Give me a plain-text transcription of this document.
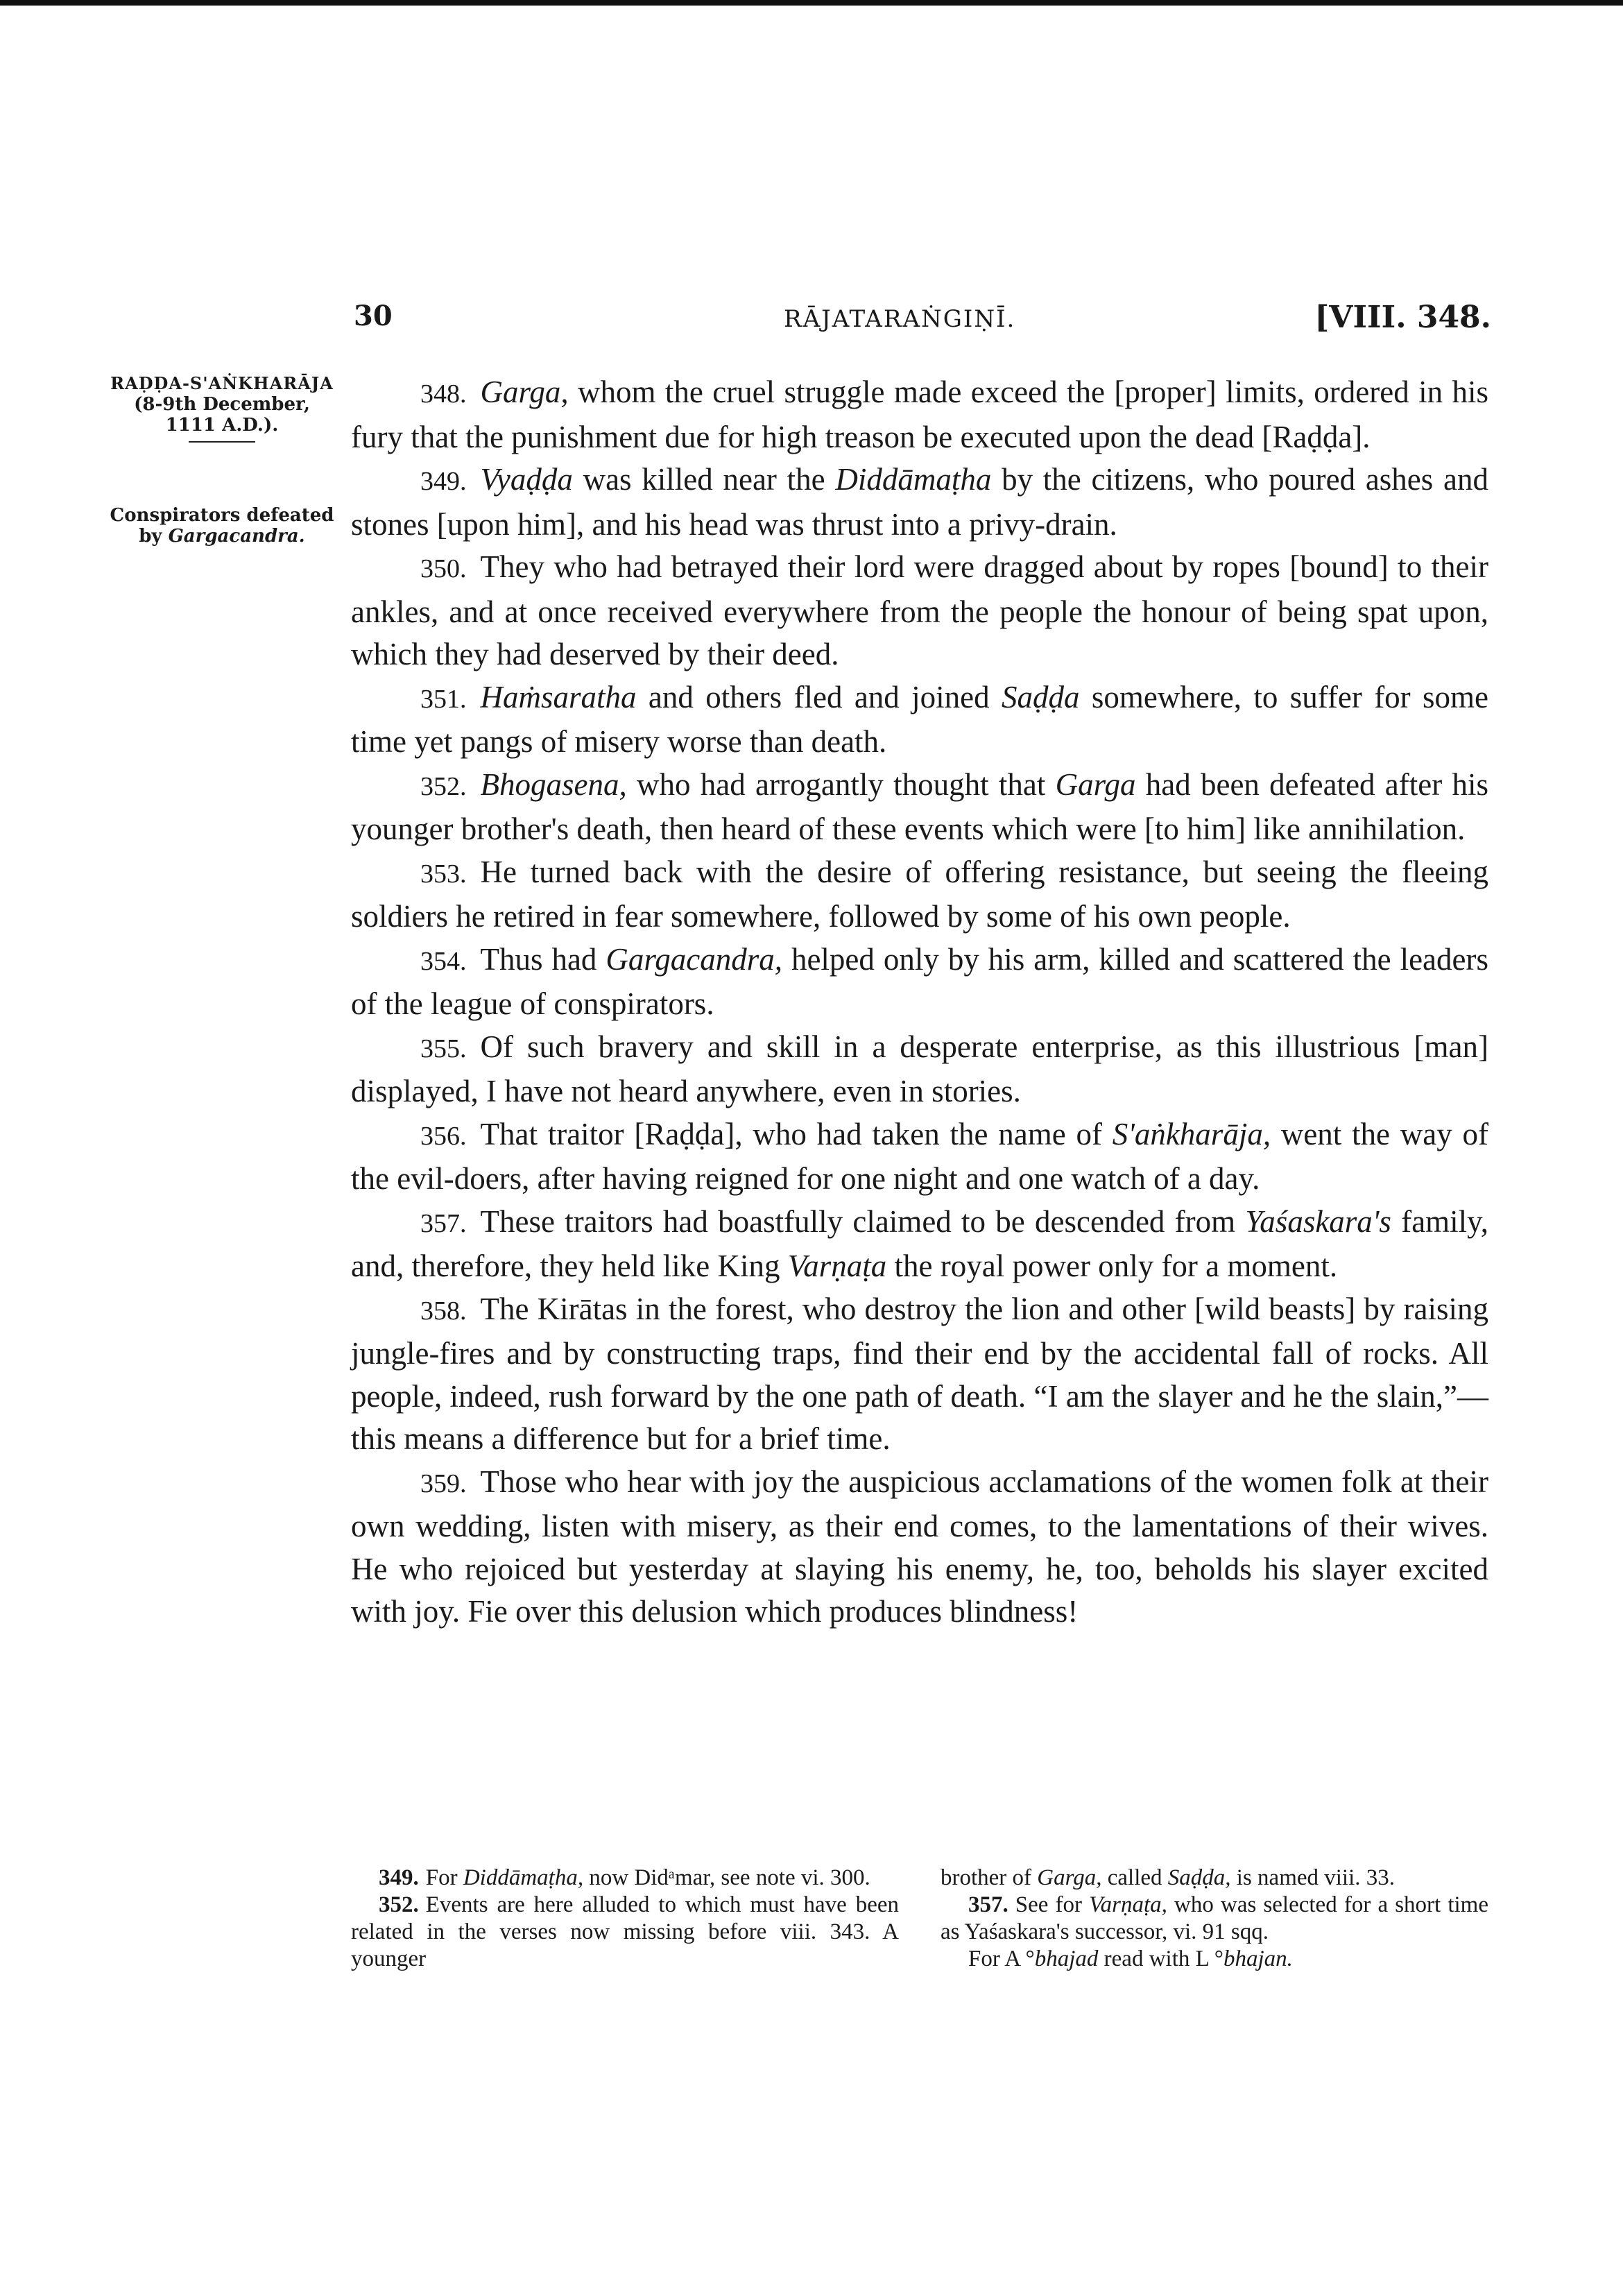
30	RĀJATARAṄGIṆĪ.	[VIII. 348.
RAḌḌA-S'AṄKHARĀJA
(8-9th December,
1111 A.D.).
Conspirators defeated
by Gargacandra.

348. Garga, whom the cruel struggle made exceed the [proper] limits, ordered in his fury that the punishment due for high treason be executed upon the dead [Raḍḍa].

349. Vyaḍḍa was killed near the Diddāmaṭha by the citizens, who poured ashes and stones [upon him], and his head was thrust into a privy-drain.

350. They who had betrayed their lord were dragged about by ropes [bound] to their ankles, and at once received everywhere from the people the honour of being spat upon, which they had deserved by their deed.

351. Haṁsaratha and others fled and joined Saḍḍa somewhere, to suffer for some time yet pangs of misery worse than death.

352. Bhogasena, who had arrogantly thought that Garga had been defeated after his younger brother's death, then heard of these events which were [to him] like annihilation.

353. He turned back with the desire of offering resistance, but seeing the fleeing soldiers he retired in fear somewhere, followed by some of his own people.

354. Thus had Gargacandra, helped only by his arm, killed and scattered the leaders of the league of conspirators.

355. Of such bravery and skill in a desperate enterprise, as this illustrious [man] displayed, I have not heard anywhere, even in stories.

356. That traitor [Raḍḍa], who had taken the name of S'aṅkharāja, went the way of the evil-doers, after having reigned for one night and one watch of a day.

357. These traitors had boastfully claimed to be descended from Yaśaskara's family, and, therefore, they held like King Varṇaṭa the royal power only for a moment.

358. The Kirātas in the forest, who destroy the lion and other [wild beasts] by raising jungle-fires and by constructing traps, find their end by the accidental fall of rocks. All people, indeed, rush forward by the one path of death. “I am the slayer and he the slain,”—this means a difference but for a brief time.

359. Those who hear with joy the auspicious acclamations of the women folk at their own wedding, listen with misery, as their end comes, to the lamentations of their wives. He who rejoiced but yesterday at slaying his enemy, he, too, beholds his slayer excited with joy. Fie over this delusion which produces blindness!

349. For Diddāmaṭha, now Didᵃmar, see note vi. 300.

352. Events are here alluded to which must have been related in the verses now missing before viii. 343. A younger

brother of Garga, called Saḍḍa, is named viii. 33.

357. See for Varṇaṭa, who was selected for a short time as Yaśaskara's successor, vi. 91 sqq.

For A °bhajad read with L °bhajan.
